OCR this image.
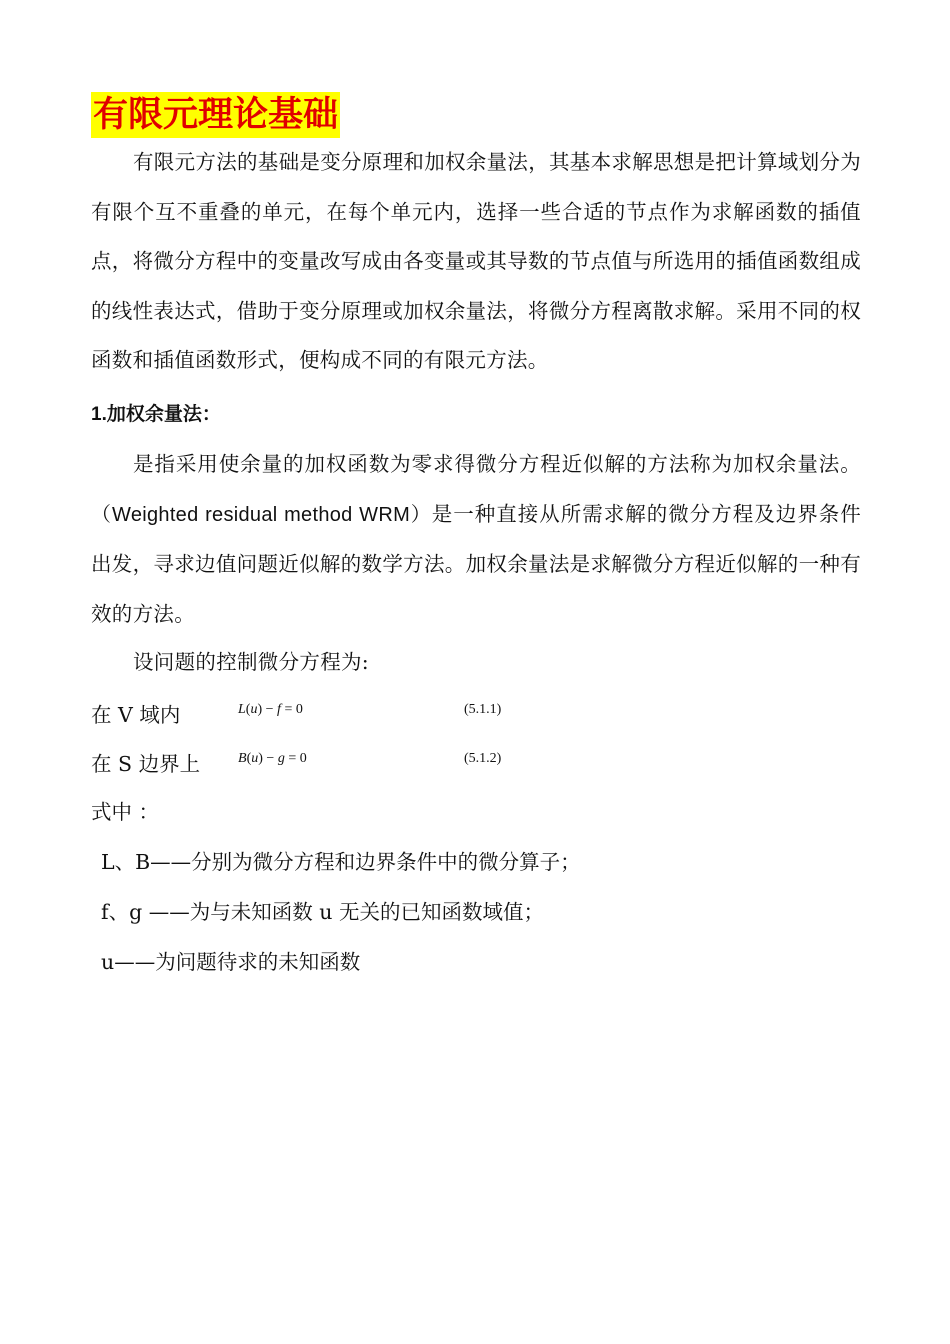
有限元理论基础

有限元方法的基础是变分原理和加权余量法，其基本求解思想是把计算域划分为有限个互不重叠的单元，在每个单元内，选择一些合适的节点作为求解函数的插值点，将微分方程中的变量改写成由各变量或其导数的节点值与所选用的插值函数组成的线性表达式，借助于变分原理或加权余量法，将微分方程离散求解。采用不同的权函数和插值函数形式，便构成不同的有限元方法。

1.加权余量法：

是指采用使余量的加权函数为零求得微分方程近似解的方法称为加权余量法。（Weighted residual method WRM）是一种直接从所需求解的微分方程及边界条件出发，寻求边值问题近似解的数学方法。加权余量法是求解微分方程近似解的一种有效的方法。

设问题的控制微分方程为:

在 V 域内	L(u) − f = 0	(5.1.1)
在 S 边界上	B(u) − g = 0	(5.1.2)
式中 ：
L、B——分别为微分方程和边界条件中的微分算子；
f、g ——为与未知函数 u 无关的已知函数域值；
u——为问题待求的未知函数
